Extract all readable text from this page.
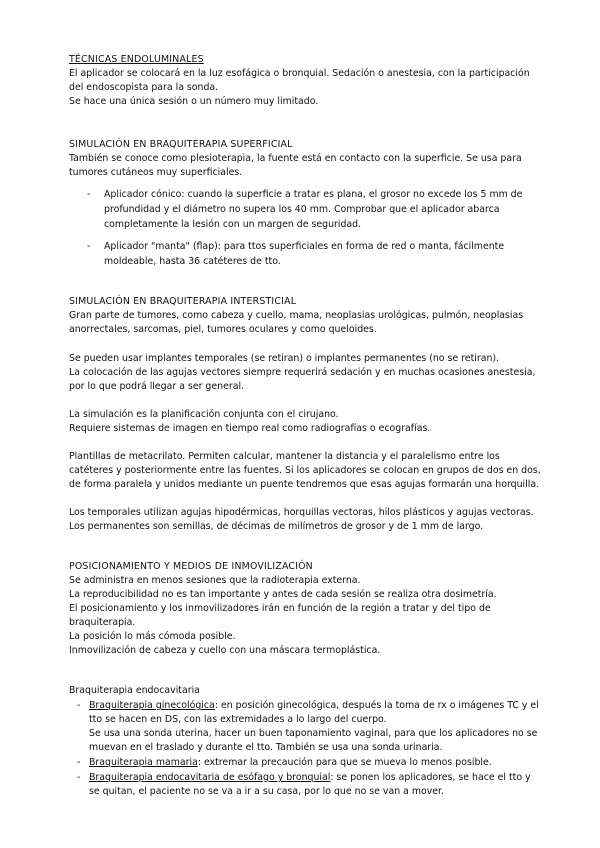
TÉCNICAS ENDOLUMINALES
El aplicador se colocará en la luz esofágica o bronquial. Sedación o anestesia, con la participación
del endoscopista para la sonda.
Se hace una única sesión o un número muy limitado.
SIMULACIÓN EN BRAQUITERAPIA SUPERFICIAL
También se conoce como plesioterapia, la fuente está en contacto con la superficie. Se usa para
tumores cutáneos muy superficiales.
- Aplicador cónico: cuando la superficie a tratar es plana, el grosor no excede los 5 mm de
profundidad y el diámetro no supera los 40 mm. Comprobar que el aplicador abarca
completamente la lesión con un margen de seguridad.
- Aplicador "manta" (flap): para ttos superficiales en forma de red o manta, fácilmente
moldeable, hasta 36 catéteres de tto.
SIMULACIÓN EN BRAQUITERAPIA INTERSTICIAL
Gran parte de tumores, como cabeza y cuello, mama, neoplasias urológicas, pulmón, neoplasias
anorrectales, sarcomas, piel, tumores oculares y como queloides.
Se pueden usar implantes temporales (se retiran) o implantes permanentes (no se retiran).
La colocación de las agujas vectores siempre requerirá sedación y en muchas ocasiones anestesia,
por lo que podrá llegar a ser general.
La simulación es la planificación conjunta con el cirujano.
Requiere sistemas de imagen en tiempo real como radiografías o ecografías.
Plantillas de metacrilato. Permiten calcular, mantener la distancia y el paralelismo entre los
catéteres y posteriormente entre las fuentes. Si los aplicadores se colocan en grupos de dos en dos,
de forma paralela y unidos mediante un puente tendremos que esas agujas formarán una horquilla.
Los temporales utilizan agujas hipodérmicas, horquillas vectoras, hilos plásticos y agujas vectoras.
Los permanentes son semillas, de décimas de milímetros de grosor y de 1 mm de largo.
POSICIONAMIENTO Y MEDIOS DE INMOVILIZACIÓN
Se administra en menos sesiones que la radioterapia externa.
La reproducibilidad no es tan importante y antes de cada sesión se realiza otra dosimetría.
El posicionamiento y los inmovilizadores irán en función de la región a tratar y del tipo de
braquiterapia.
La posición lo más cómoda posible.
Inmovilización de cabeza y cuello con una máscara termoplástica.
Braquiterapia endocavitaria
- Braquiterapia ginecológica: en posición ginecológica, después la toma de rx o imágenes TC y el
tto se hacen en DS, con las extremidades a lo largo del cuerpo.
Se usa una sonda uterina, hacer un buen taponamiento vaginal, para que los aplicadores no se
muevan en el traslado y durante el tto. También se usa una sonda urinaria.
- Braquiterapia mamaria: extremar la precaución para que se mueva lo menos posible.
- Braquiterapia endocavitaria de esófago y bronquial: se ponen los aplicadores, se hace el tto y
se quitan, el paciente no se va a ir a su casa, por lo que no se van a mover.
